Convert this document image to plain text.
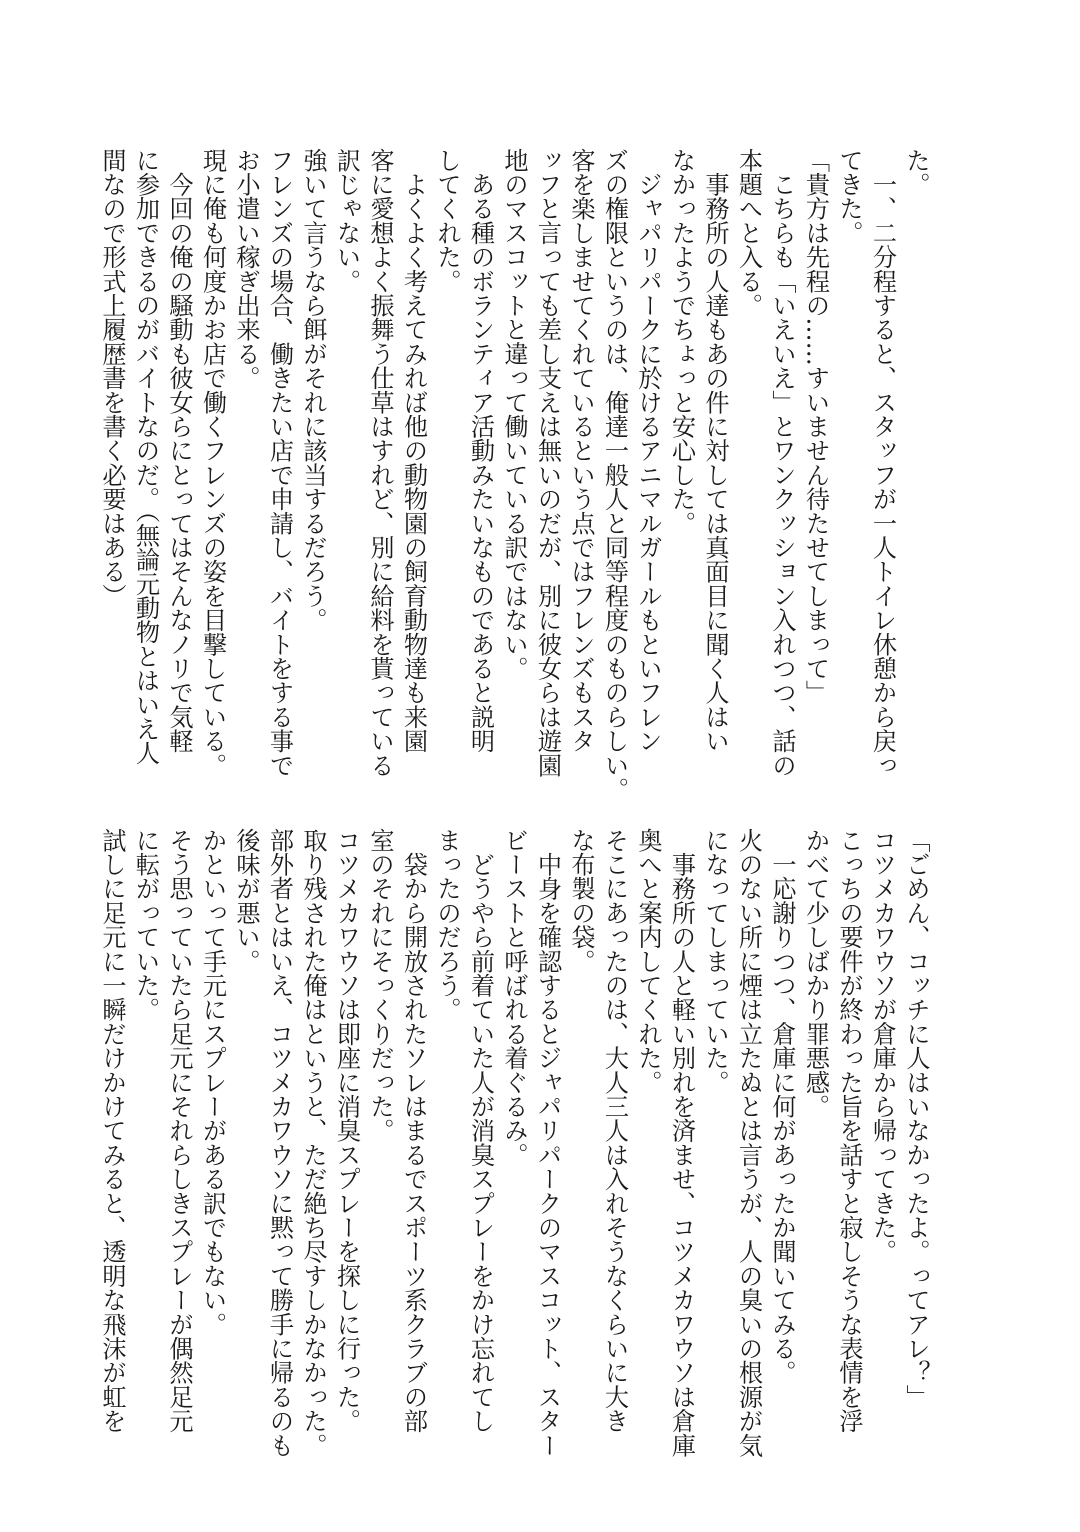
た。
　一、二分程すると、スタッフが一人トイレ休憩から戻っ
てきた。
「貴方は先程の……すいません待たせてしまって」
　こちらも「いえいえ」とワンクッション入れつつ、話の
本題へと入る。
　事務所の人達もあの件に対しては真面目に聞く人はい
なかったようでちょっと安心した。
　ジャパリパークに於けるアニマルガールもといフレン
ズの権限というのは、俺達一般人と同等程度のものらしい。
客を楽しませてくれているという点ではフレンズもスタ
ッフと言っても差し支えは無いのだが、別に彼女らは遊園
地のマスコットと違って働いている訳ではない。
　ある種のボランティア活動みたいなものであると説明
してくれた。
　よくよく考えてみれば他の動物園の飼育動物達も来園
客に愛想よく振舞う仕草はすれど、別に給料を貰っている
訳じゃない。
強いて言うなら餌がそれに該当するだろう。
フレンズの場合、働きたい店で申請し、バイトをする事で
お小遣い稼ぎ出来る。
現に俺も何度かお店で働くフレンズの姿を目撃している。
　今回の俺の騒動も彼女らにとってはそんなノリで気軽
に参加できるのがバイトなのだ。（無論元動物とはいえ人
間なので形式上履歴書を書く必要はある）
「ごめん、コッチに人はいなかったよ。ってアレ？」
コツメカワウソが倉庫から帰ってきた。
こっちの要件が終わった旨を話すと寂しそうな表情を浮
かべて少しばかり罪悪感。
　一応謝りつつ、倉庫に何があったか聞いてみる。
火のない所に煙は立たぬとは言うが、人の臭いの根源が気
になってしまっていた。
　事務所の人と軽い別れを済ませ、コツメカワウソは倉庫
奥へと案内してくれた。
そこにあったのは、大人三人は入れそうなくらいに大き
な布製の袋。
　中身を確認するとジャパリパークのマスコット、スター
ビーストと呼ばれる着ぐるみ。
　どうやら前着ていた人が消臭スプレーをかけ忘れてし
まったのだろう。
　袋から開放されたソレはまるでスポーツ系クラブの部
室のそれにそっくりだった。
コツメカワウソは即座に消臭スプレーを探しに行った。
取り残された俺はというと、ただ絶ち尽すしかなかった。
部外者とはいえ、コツメカワウソに黙って勝手に帰るのも
後味が悪い。
かといって手元にスプレーがある訳でもない。
そう思っていたら足元にそれらしきスプレーが偶然足元
に転がっていた。
試しに足元に一瞬だけかけてみると、透明な飛沫が虹を
